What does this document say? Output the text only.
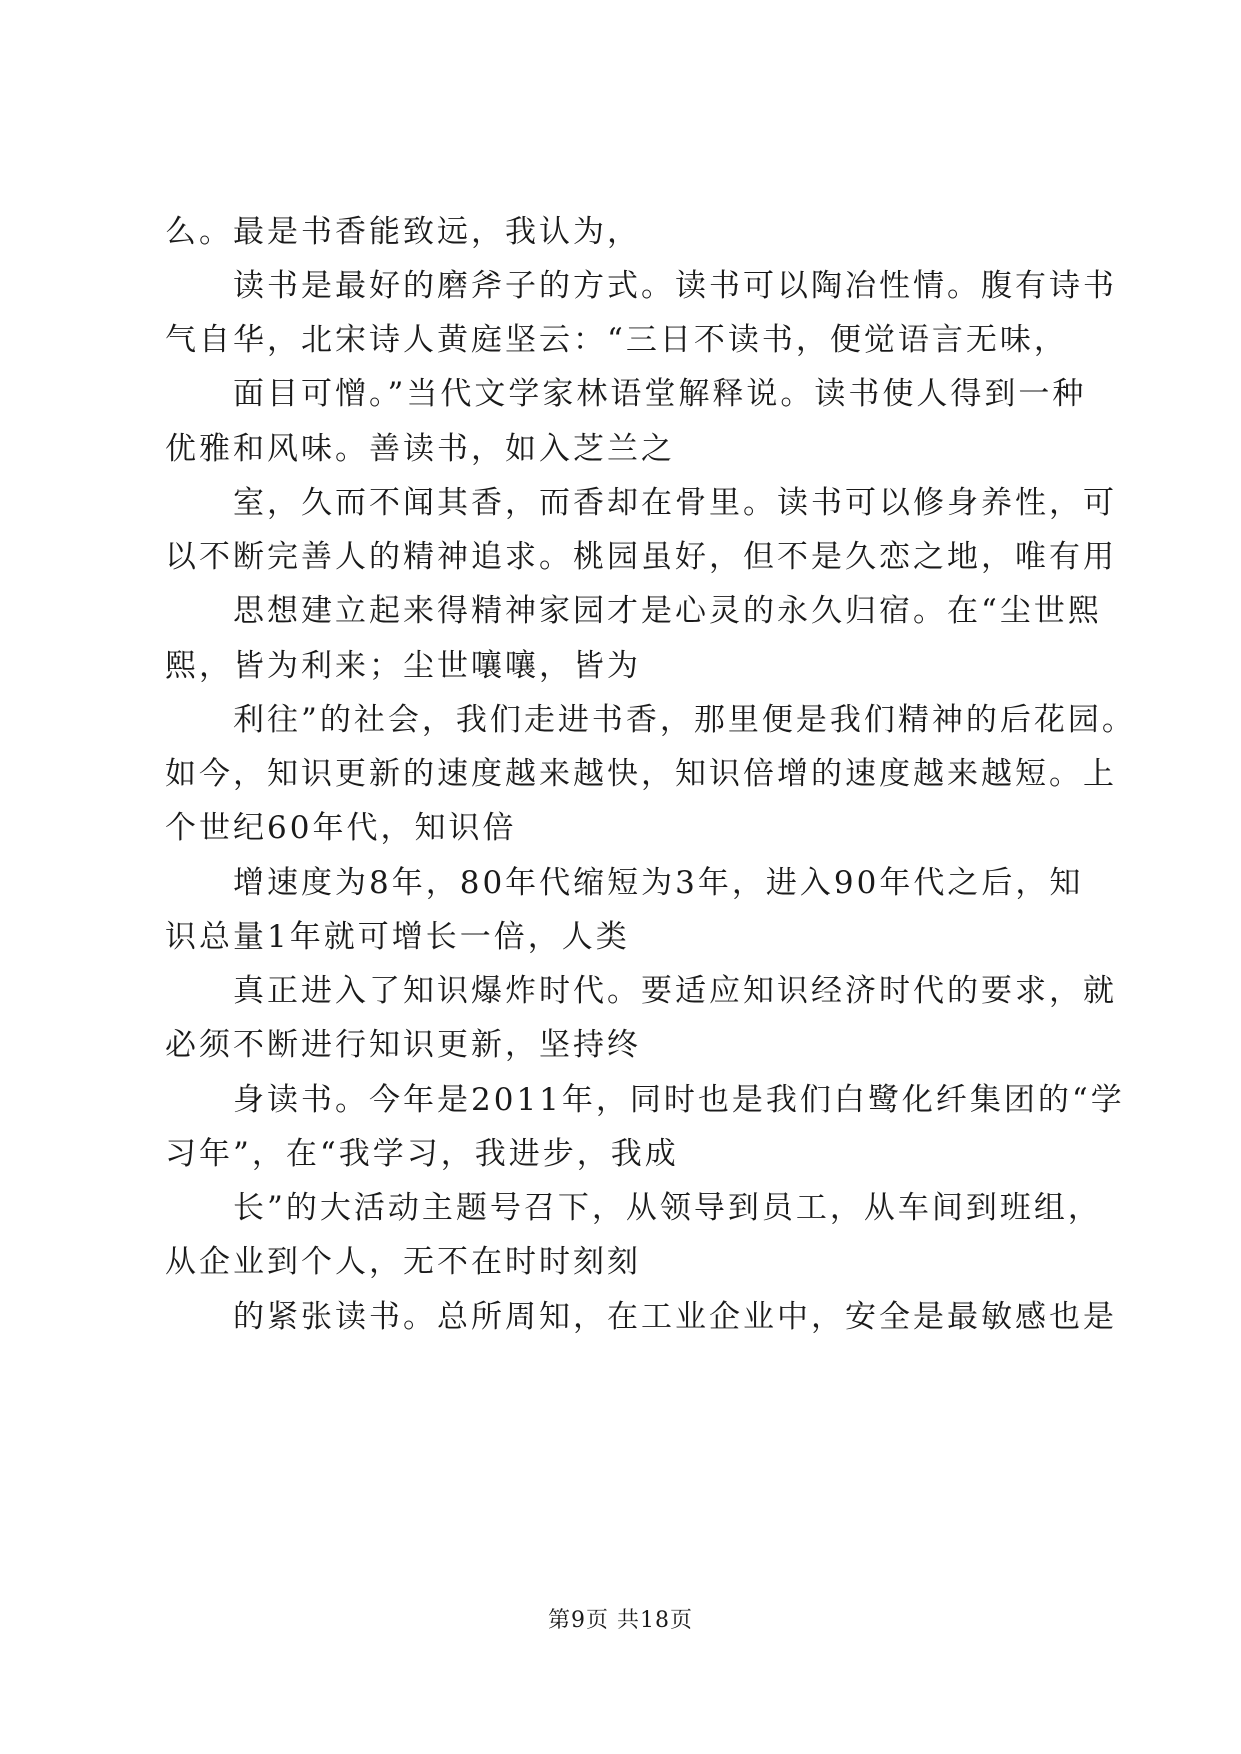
么。最是书香能致远，我认为，
读书是最好的磨斧子的方式。读书可以陶冶性情。腹有诗书
气自华，北宋诗人黄庭坚云：“三日不读书，便觉语言无味，
面目可憎。”当代文学家林语堂解释说。读书使人得到一种
优雅和风味。善读书，如入芝兰之
室，久而不闻其香，而香却在骨里。读书可以修身养性，可
以不断完善人的精神追求。桃园虽好，但不是久恋之地，唯有用
思想建立起来得精神家园才是心灵的永久归宿。在“尘世熙
熙，皆为利来；尘世嚷嚷，皆为
利往”的社会，我们走进书香，那里便是我们精神的后花园。
如今，知识更新的速度越来越快，知识倍增的速度越来越短。上
个世纪60年代，知识倍
增速度为8年，80年代缩短为3年，进入90年代之后，知
识总量1年就可增长一倍，人类
真正进入了知识爆炸时代。要适应知识经济时代的要求，就
必须不断进行知识更新，坚持终
身读书。今年是2011年，同时也是我们白鹭化纤集团的“学
习年”，在“我学习，我进步，我成
长”的大活动主题号召下，从领导到员工，从车间到班组，
从企业到个人，无不在时时刻刻
的紧张读书。总所周知，在工业企业中，安全是最敏感也是
第9页 共18页
